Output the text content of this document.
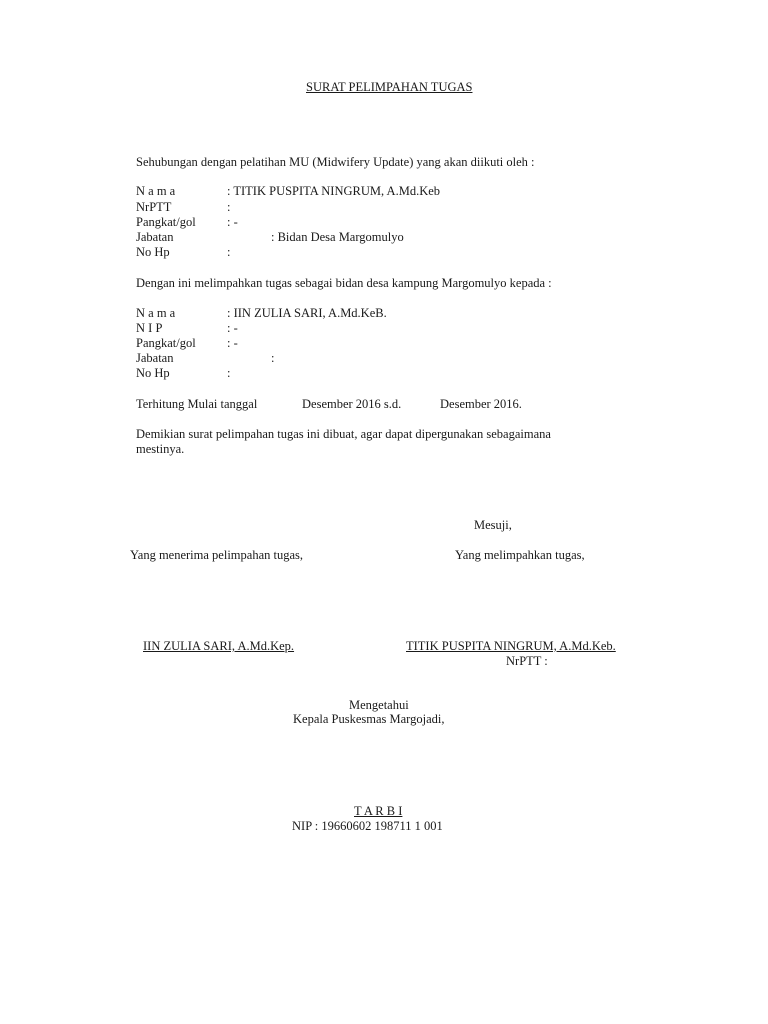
SURAT PELIMPAHAN TUGAS
Sehubungan dengan pelatihan MU (Midwifery Update) yang akan diikuti oleh :
N a m a	: TITIK PUSPITA NINGRUM, A.Md.Keb
NrPTT	:
Pangkat/gol	: -
Jabatan	: Bidan Desa Margomulyo
No Hp	:
Dengan ini melimpahkan tugas sebagai bidan desa kampung Margomulyo kepada :
N a m a	: IIN ZULIA SARI, A.Md.KeB.
N I P	: -
Pangkat/gol	: -
Jabatan	:
No Hp	:
Terhitung Mulai tanggal	Desember 2016 s.d.	Desember 2016.
Demikian surat pelimpahan tugas ini dibuat, agar dapat dipergunakan sebagaimana
mestinya.
Mesuji,
Yang menerima pelimpahan tugas,	Yang melimpahkan tugas,
IIN ZULIA SARI, A.Md.Kep.	TITIK PUSPITA NINGRUM, A.Md.Keb.
NrPTT :
Mengetahui
Kepala Puskesmas Margojadi,
T A R B I
NIP : 19660602 198711 1 001
